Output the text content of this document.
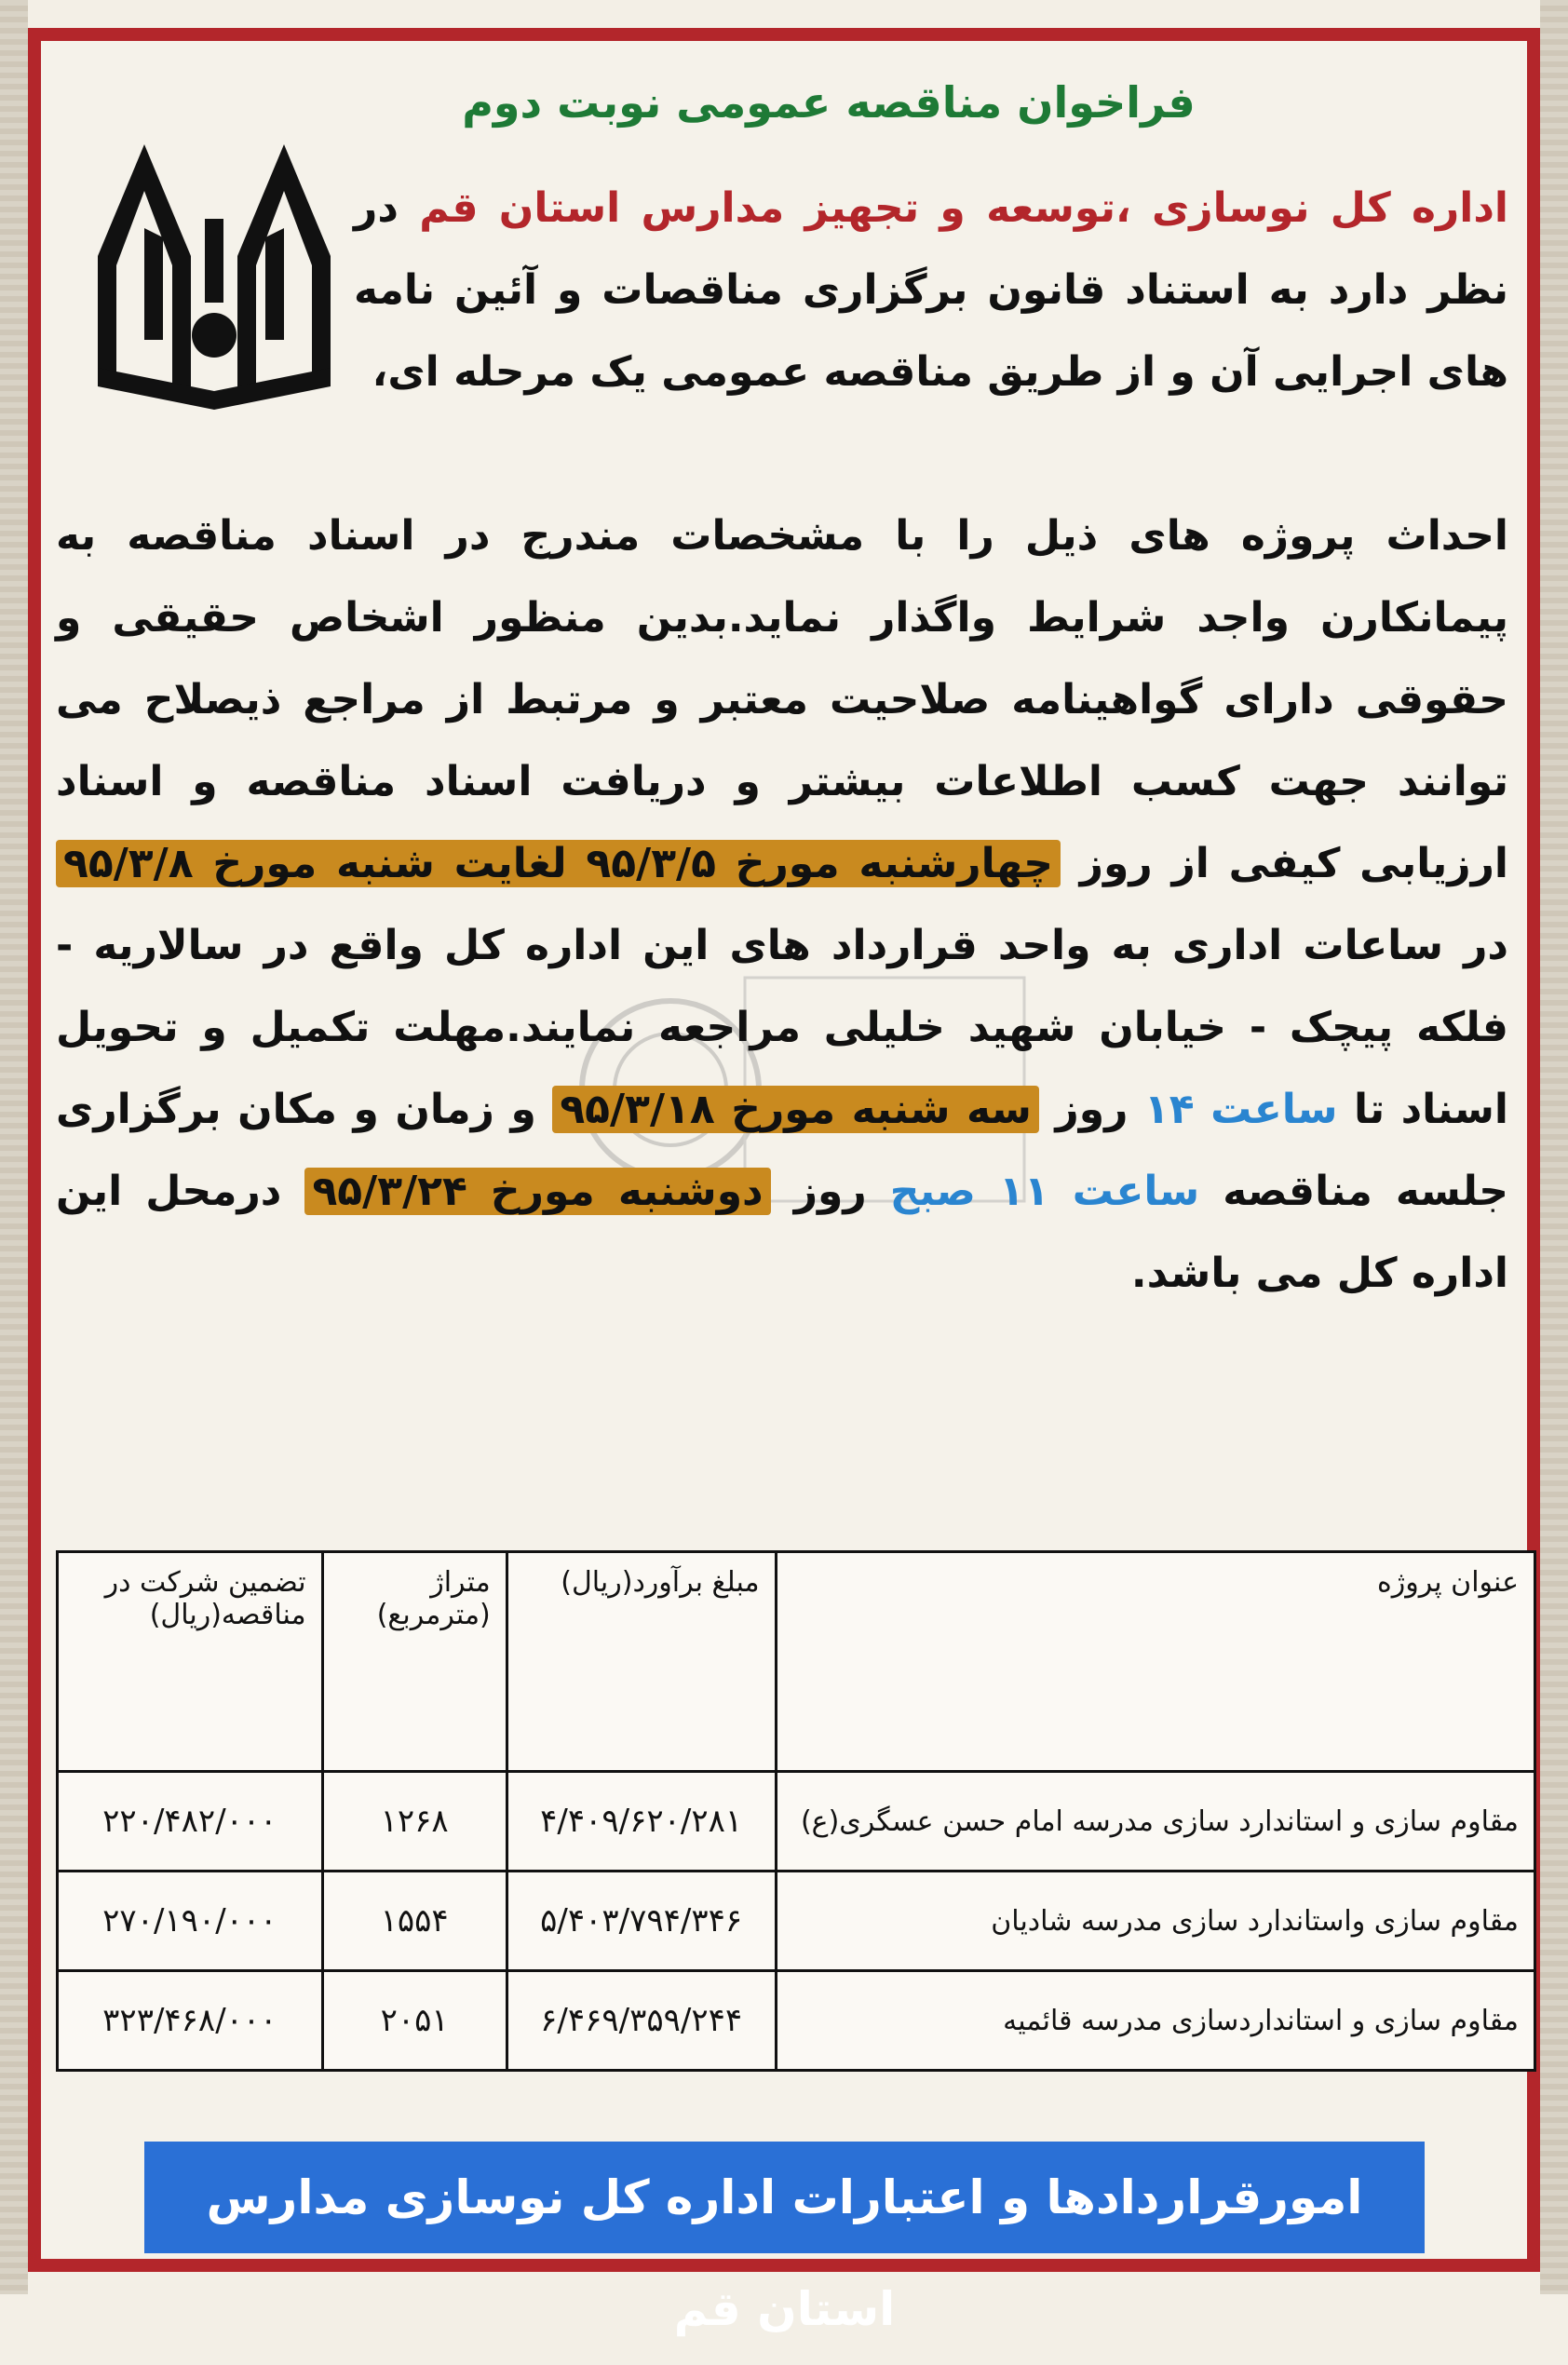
فراخوان مناقصه عمومی نوبت دوم
اداره کل نوسازی ،توسعه و تجهیز مدارس استان قم در نظر دارد به استناد قانون برگزاری مناقصات و آئین نامه های اجرایی آن و از طریق مناقصه عمومی یک مرحله ای،
احداث پروژه های ذیل را با مشخصات مندرج در اسناد مناقصه به پیمانکارن واجد شرایط واگذار نماید.بدین منظور اشخاص حقیقی و حقوقی دارای گواهینامه صلاحیت معتبر و مرتبط از مراجع ذیصلاح می توانند جهت کسب اطلاعات بیشتر و دریافت اسناد مناقصه و اسناد ارزیابی کیفی از روز چهارشنبه مورخ ۹۵/۳/۵ لغایت شنبه مورخ ۹۵/۳/۸ در ساعات اداری به واحد قرارداد های این اداره کل واقع در سالاریه - فلکه پیچک - خیابان شهید خلیلی مراجعه نمایند.مهلت تکمیل و تحویل اسناد تا ساعت ۱۴ روز سه شنبه مورخ ۹۵/۳/۱۸ و زمان و مکان برگزاری جلسه مناقصه ساعت ۱۱ صبح روز دوشنبه مورخ ۹۵/۳/۲۴ درمحل این اداره کل می باشد.
عنوان پروژه	مبلغ برآورد(ریال)	متراژ (مترمربع)	تضمین شرکت در مناقصه(ریال)
مقاوم سازی و استاندارد سازی مدرسه امام حسن عسگری(ع)	۴/۴۰۹/۶۲۰/۲۸۱	۱۲۶۸	۲۲۰/۴۸۲/۰۰۰
مقاوم سازی واستاندارد سازی مدرسه شادیان	۵/۴۰۳/۷۹۴/۳۴۶	۱۵۵۴	۲۷۰/۱۹۰/۰۰۰
مقاوم سازی و استانداردسازی مدرسه قائمیه	۶/۴۶۹/۳۵۹/۲۴۴	۲۰۵۱	۳۲۳/۴۶۸/۰۰۰
امورقراردادها و اعتبارات اداره کل نوسازی مدارس استان قم
